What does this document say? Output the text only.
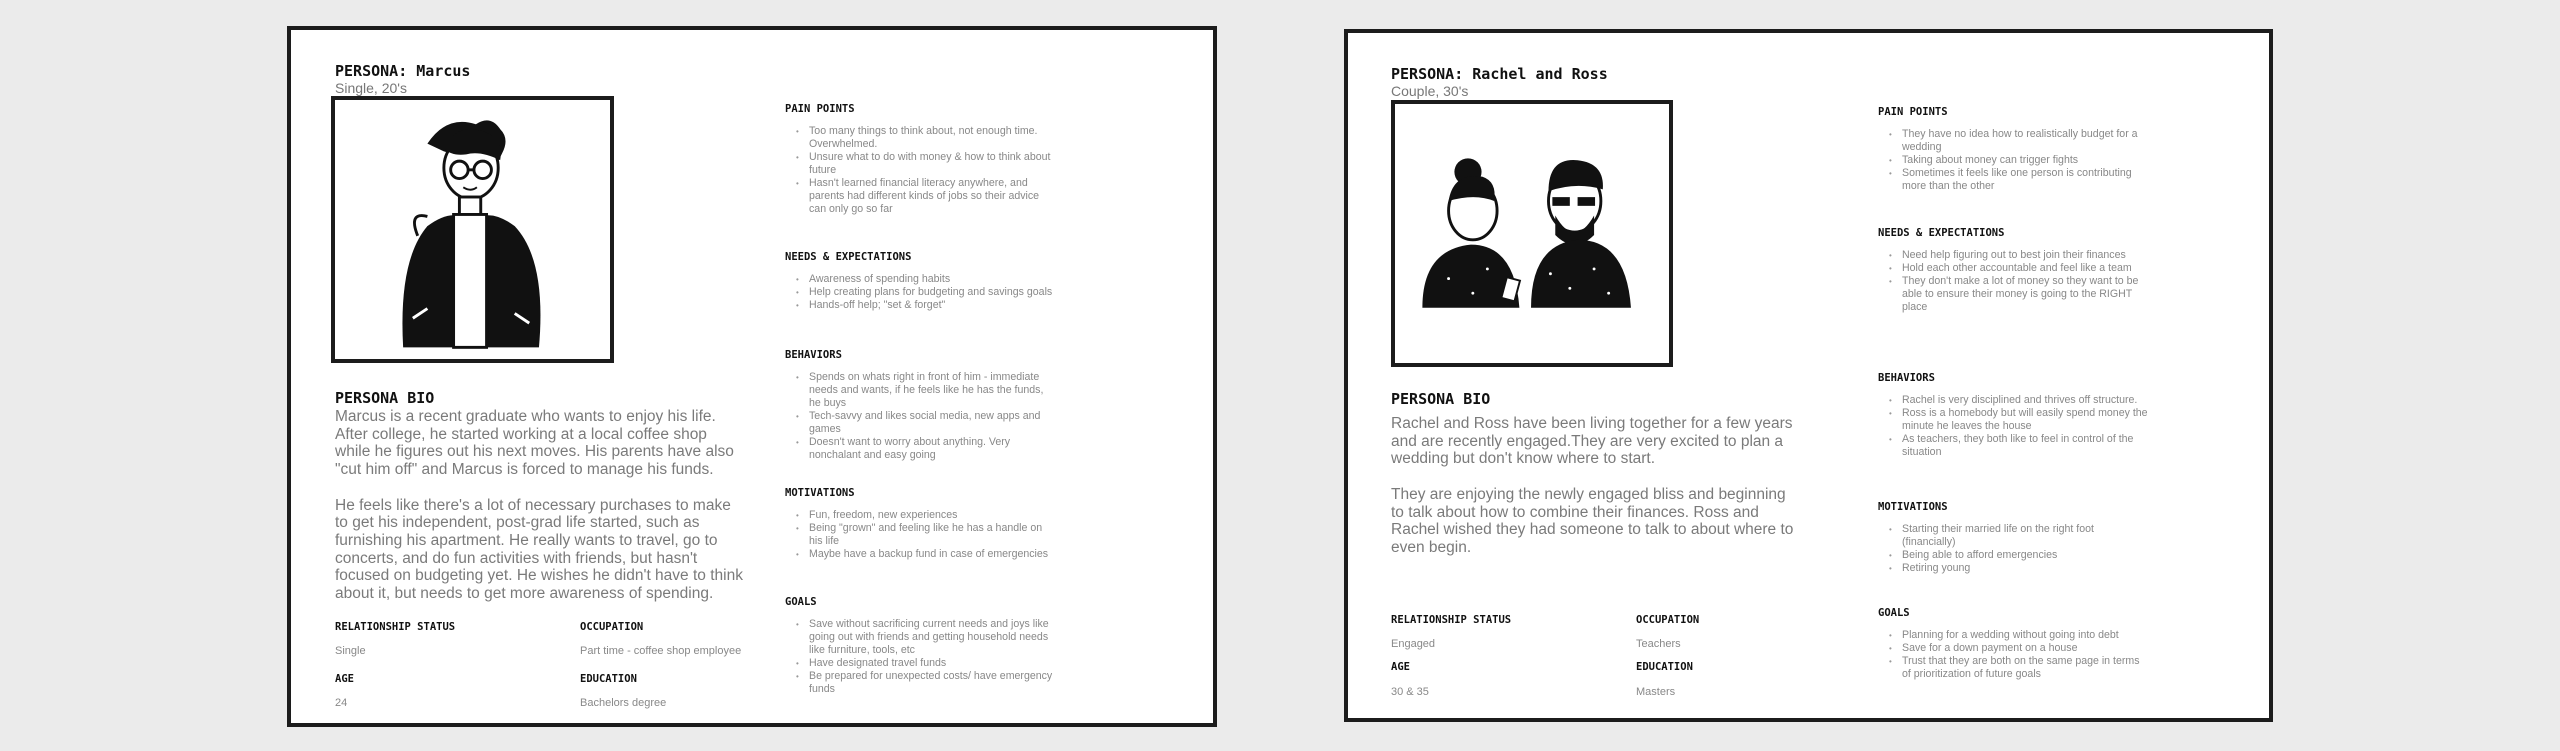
PERSONA: Marcus
Single, 20's
PERSONA BIO

Marcus is a recent graduate who wants to enjoy his life. After college, he started working at a local coffee shop while he figures out his next moves. His parents have also "cut him off" and Marcus is forced to manage his funds.

He feels like there's a lot of necessary purchases to make to get his independent, post-grad life started, such as furnishing his apartment. He really wants to travel, go to concerts, and do fun activities with friends, but hasn't focused on budgeting yet. He wishes he didn't have to think about it, but needs to get more awareness of spending.

RELATIONSHIP STATUS
Single
AGE
24
OCCUPATION
Part time - coffee shop employee
EDUCATION
Bachelors degree
PAIN POINTS
• Too many things to think about, not enough time. Overwhelmed.
• Unsure what to do with money & how to think about future
• Hasn't learned financial literacy anywhere, and parents had different kinds of jobs so their advice can only go so far
NEEDS & EXPECTATIONS
• Awareness of spending habits
• Help creating plans for budgeting and savings goals
• Hands-off help; "set & forget"
BEHAVIORS
• Spends on whats right in front of him - immediate needs and wants, if he feels like he has the funds, he buys
• Tech-savvy and likes social media, new apps and games
• Doesn't want to worry about anything. Very nonchalant and easy going
MOTIVATIONS
• Fun, freedom, new experiences
• Being "grown" and feeling like he has a handle on his life
• Maybe have a backup fund in case of emergencies
GOALS
• Save without sacrificing current needs and joys like going out with friends and getting household needs like furniture, tools, etc
• Have designated travel funds
• Be prepared for unexpected costs/ have emergency funds
PERSONA: Rachel and Ross
Couple, 30's
PERSONA BIO

Rachel and Ross have been living together for a few years and are recently engaged.They are very excited to plan a wedding but don't know where to start.

They are enjoying the newly engaged bliss and beginning to talk about how to combine their finances. Ross and Rachel wished they had someone to talk to about where to even begin.

RELATIONSHIP STATUS
Engaged
AGE
30 & 35
OCCUPATION
Teachers
EDUCATION
Masters
PAIN POINTS
• They have no idea how to realistically budget for a wedding
• Taking about money can trigger fights
• Sometimes it feels like one person is contributing more than the other
NEEDS & EXPECTATIONS
• Need help figuring out to best join their finances
• Hold each other accountable and feel like a team
• They don't make a lot of money so they want to be able to ensure their money is going to the RIGHT place
BEHAVIORS
• Rachel is very disciplined and thrives off structure.
• Ross is a homebody but will easily spend money the minute he leaves the house
• As teachers, they both like to feel in control of the situation
MOTIVATIONS
• Starting their married life on the right foot (financially)
• Being able to afford emergencies
• Retiring young
GOALS
• Planning for a wedding without going into debt
• Save for a down payment on a house
• Trust that they are both on the same page in terms of prioritization of future goals
